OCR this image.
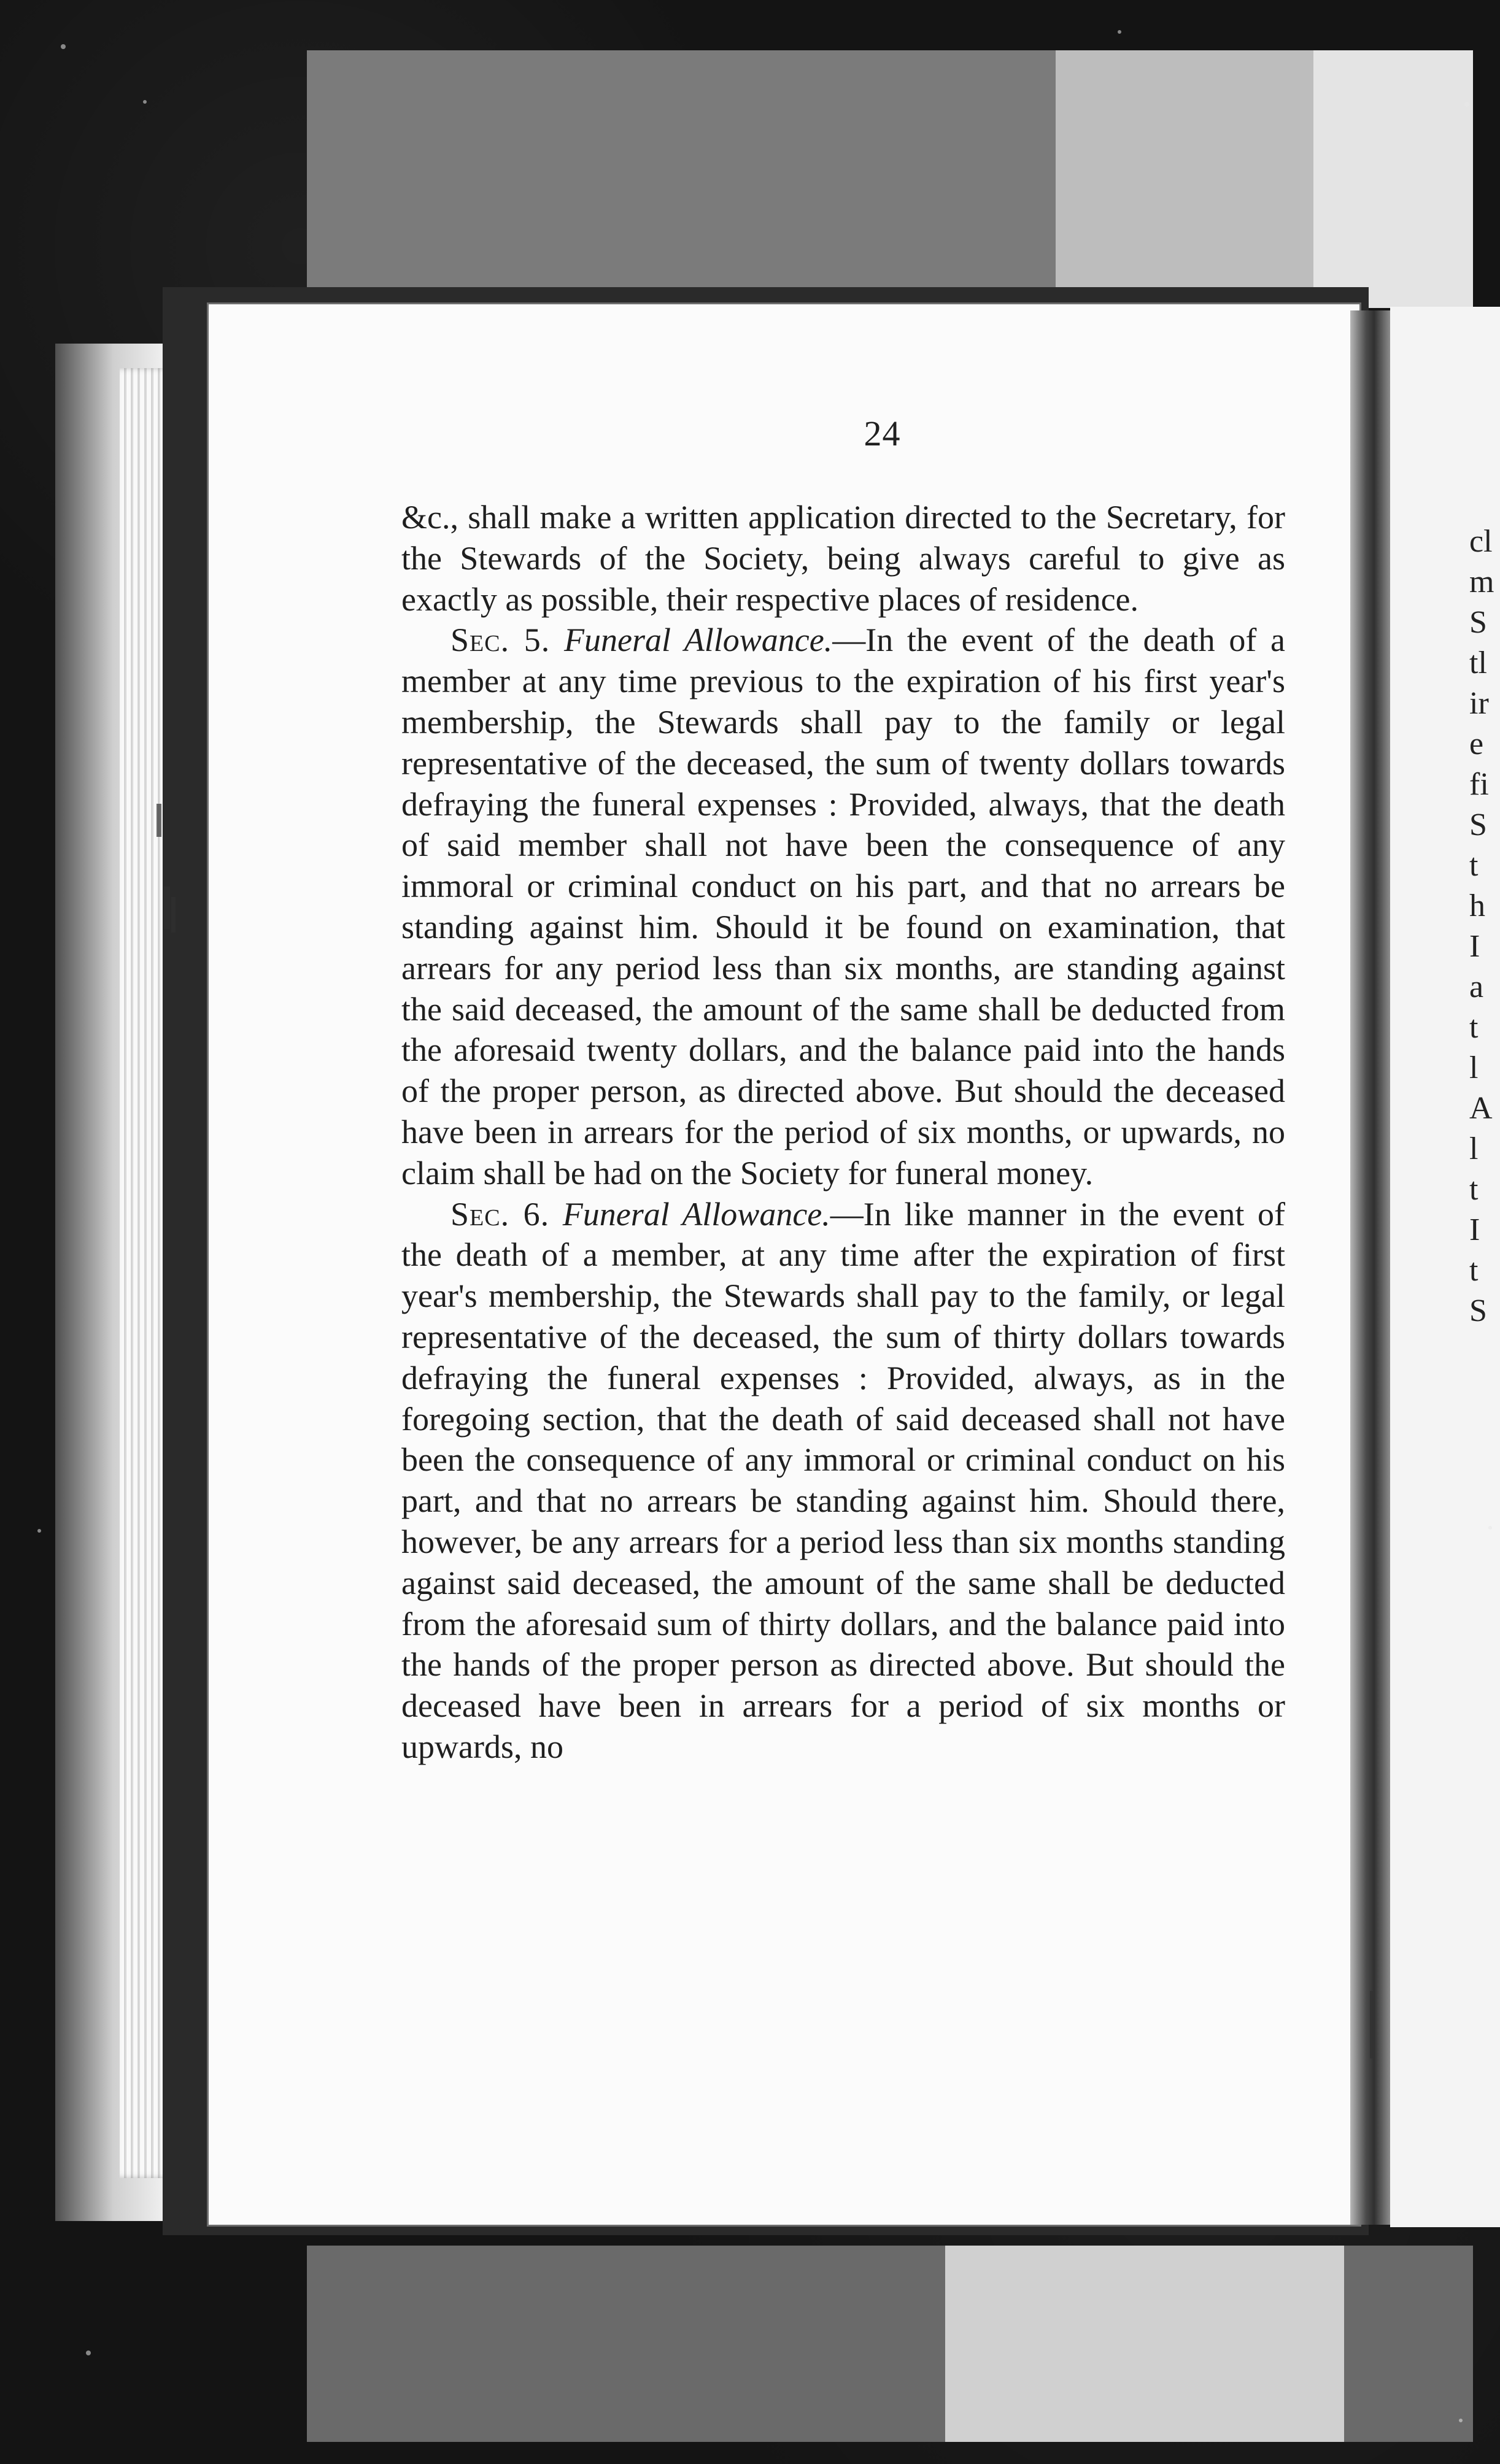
24

&c., shall make a written application directed to the Secretary, for the Stewards of the Society, being always careful to give as exactly as possible, their respective places of residence.

Sec. 5. Funeral Allowance.—In the event of the death of a member at any time previous to the expiration of his first year's membership, the Stewards shall pay to the family or legal representative of the deceased, the sum of twenty dollars towards defraying the funeral expenses : Provided, always, that the death of said member shall not have been the consequence of any immoral or criminal conduct on his part, and that no arrears be standing against him. Should it be found on examination, that arrears for any period less than six months, are standing against the said deceased, the amount of the same shall be deducted from the aforesaid twenty dollars, and the balance paid into the hands of the proper person, as directed above. But should the deceased have been in arrears for the period of six months, or upwards, no claim shall be had on the Society for funeral money.

Sec. 6. Funeral Allowance.—In like manner in the event of the death of a member, at any time after the expiration of first year's membership, the Stewards shall pay to the family, or legal representative of the deceased, the sum of thirty dollars towards defraying the funeral expenses : Provided, always, as in the foregoing section, that the death of said deceased shall not have been the consequence of any immoral or criminal conduct on his part, and that no arrears be standing against him. Should there, however, be any arrears for a period less than six months standing against said deceased, the amount of the same shall be deducted from the aforesaid sum of thirty dollars, and the balance paid into the hands of the proper person as directed above. But should the deceased have been in arrears for a period of six months or upwards, no

cl
m
S
tl
ir
e
fi
S
t
h
I
a
t
l
A
l
t
I
t
S
